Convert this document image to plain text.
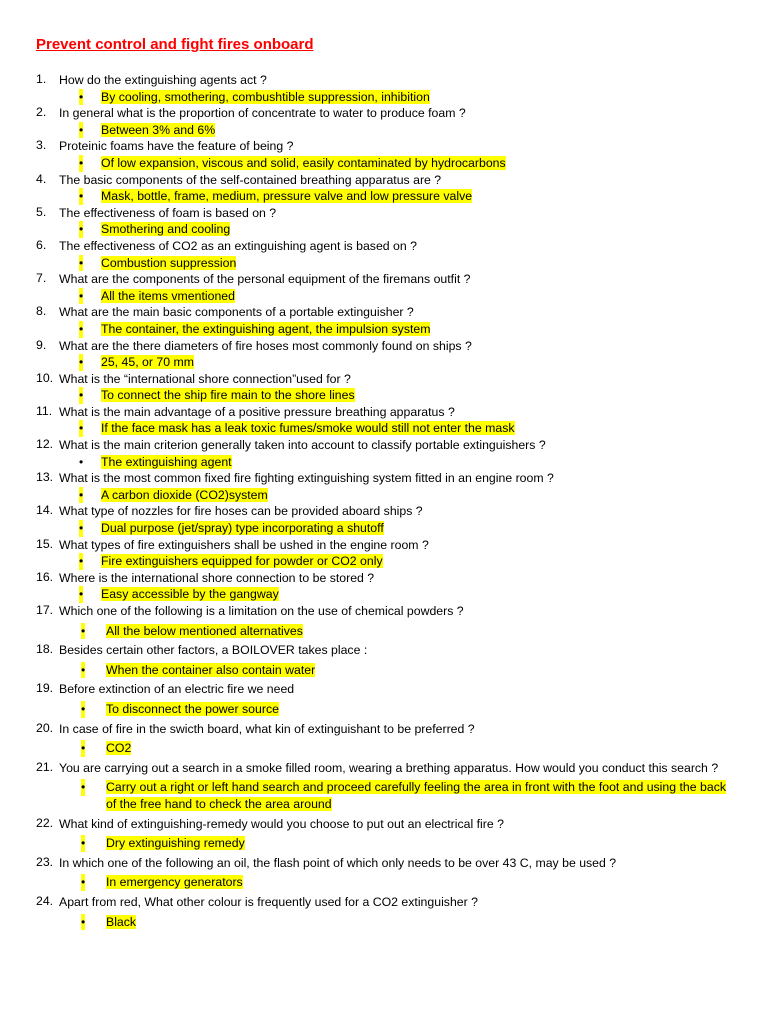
Prevent control and fight fires onboard
1.	How do the extinguishing agents act ?
• By cooling, smothering, combushtible suppression, inhibition
2.	In general what is the proportion of concentrate to water to produce foam ?
• Between 3% and 6%
3.	Proteinic foams have the feature of being ?
• Of low expansion, viscous and solid, easily contaminated by hydrocarbons
4.	The basic components of the self-contained breathing apparatus are ?
• Mask, bottle, frame, medium, pressure valve and low pressure valve
5.	The effectiveness of foam is based on ?
• Smothering and cooling
6.	The effectiveness of CO2 as an extinguishing agent is based on ?
• Combustion suppression
7.	What are the components of the personal equipment of the firemans outfit ?
• All the items vmentioned
8.	What are the main basic components of a portable extinguisher ?
• The container, the extinguishing agent, the impulsion system
9.	What are the there diameters of fire hoses most commonly found on ships ?
• 25, 45, or 70 mm
10. What is the “international shore connection”used for ?
• To connect the ship fire main to the shore lines
11. What is the main advantage of a positive pressure breathing apparatus ?
• If the face mask has a leak toxic fumes/smoke would still not enter the mask
12. What is the main criterion generally taken into account to classify portable extinguishers ?
• The extinguishing agent
13. What is the most common fixed fire fighting extinguishing system fitted in an engine room ?
• A carbon dioxide (CO2)system
14. What type of nozzles for fire hoses can be provided aboard ships ?
• Dual purpose (jet/spray) type incorporating a shutoff
15. What types of fire extinguishers shall be ushed in the engine room ?
• Fire extinguishers equipped for powder or CO2 only
16. Where is the international shore connection to be stored ?
• Easy accessible by the gangway
17. Which one of the following is a limitation on the use of chemical powders ?
• All the below mentioned alternatives
18. Besides certain other factors, a BOILOVER takes place :
• When the container also contain water
19. Before extinction of an electric fire we need
• To disconnect the power source
20. In case of fire in the swicth board, what kin of extinguishant to be preferred ?
• CO2
21. You are carrying out a search in a smoke filled room, wearing a brething apparatus. How would you conduct this search ?
• Carry out a right or left hand search and proceed carefully feeling the area in front with the foot and using the back of the free hand to check the area around
22. What kind of extinguishing-remedy would you choose to put out an electrical fire ?
• Dry extinguishing remedy
23. In which one of the following an oil, the flash point of which only needs to be over 43 C, may be used ?
• In emergency generators
24. Apart from red, What other colour is frequently used for a CO2 extinguisher ?
• Black
